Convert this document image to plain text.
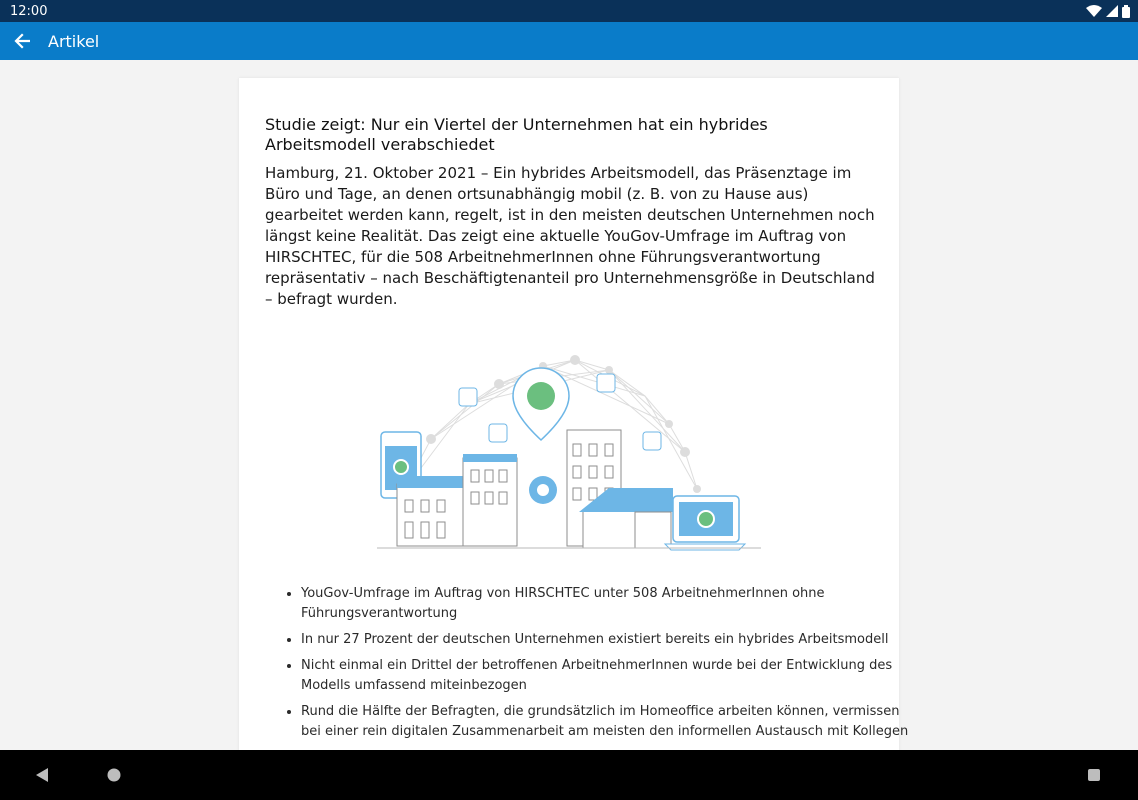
12:00
Artikel
Studie zeigt: Nur ein Viertel der Unternehmen hat ein hybrides Arbeitsmodell verabschiedet

Hamburg, 21. Oktober 2021 – Ein hybrides Arbeitsmodell, das Präsenztage im Büro und Tage, an denen ortsunabhängig mobil (z. B. von zu Hause aus) gearbeitet werden kann, regelt, ist in den meisten deutschen Unternehmen noch längst keine Realität. Das zeigt eine aktuelle YouGov-Umfrage im Auftrag von HIRSCHTEC, für die 508 ArbeitnehmerInnen ohne Führungsverantwortung repräsentativ – nach Beschäftigtenanteil pro Unternehmensgröße in Deutschland – befragt wurden.

• YouGov-Umfrage im Auftrag von HIRSCHTEC unter 508 ArbeitnehmerInnen ohne Führungsverantwortung
• In nur 27 Prozent der deutschen Unternehmen existiert bereits ein hybrides Arbeitsmodell
• Nicht einmal ein Drittel der betroffenen ArbeitnehmerInnen wurde bei der Entwicklung des Modells umfassend miteinbezogen
• Rund die Hälfte der Befragten, die grundsätzlich im Homeoffice arbeiten können, vermissen bei einer rein digitalen Zusammenarbeit am meisten den informellen Austausch mit Kollegen
